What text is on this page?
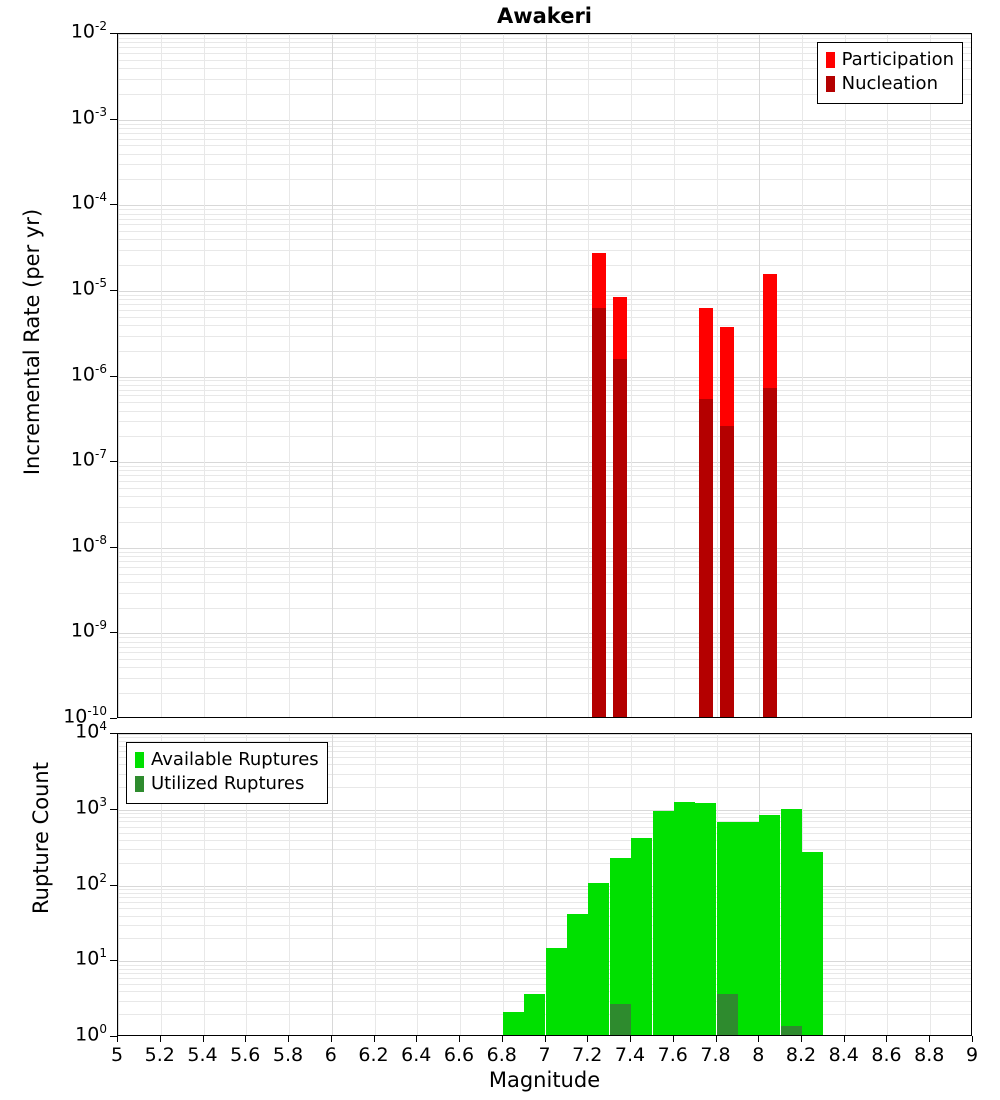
Awakeri
Participation
Nucleation
Incremental Rate (per yr)
Available Ruptures
Utilized Ruptures
Rupture Count
Magnitude
$10^{-10}$
$10^{-9}$
$10^{-8}$
$10^{-7}$
$10^{-6}$
$10^{-5}$
$10^{-4}$
$10^{-3}$
$10^{-2}$
$10^0$
$10^1$
$10^2$
$10^3$
$10^4$
5	5.2 5.4 5.6 5.8	6	6.2 6.4 6.6 6.8	7	7.2 7.4 7.6 7.8	8	8.2 8.4 8.6 8.8	9
